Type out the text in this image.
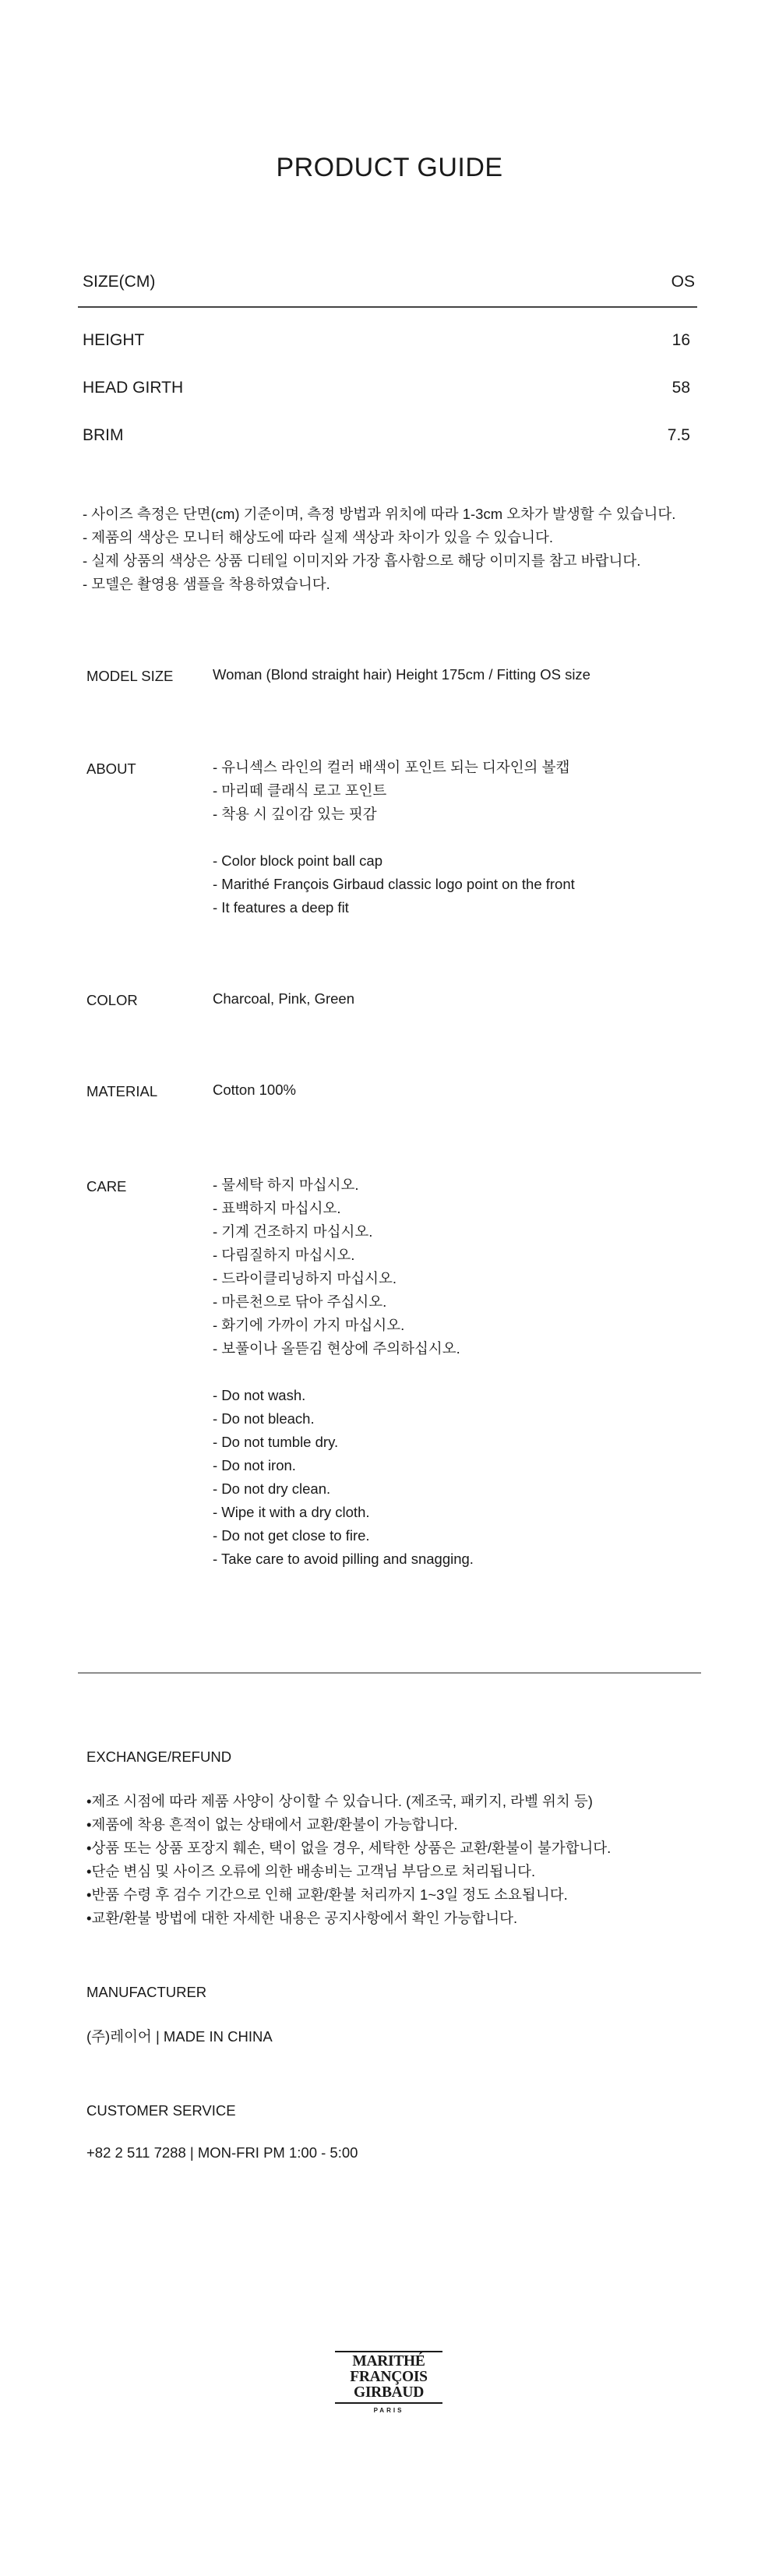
PRODUCT GUIDE
SIZE(CM)	OS
HEIGHT	16
HEAD GIRTH	58
BRIM	7.5
- 사이즈 측정은 단면(cm) 기준이며, 측정 방법과 위치에 따라 1-3cm 오차가 발생할 수 있습니다.
- 제품의 색상은 모니터 해상도에 따라 실제 색상과 차이가 있을 수 있습니다.
- 실제 상품의 색상은 상품 디테일 이미지와 가장 흡사함으로 해당 이미지를 참고 바랍니다.
- 모델은 촬영용 샘플을 착용하였습니다.
MODEL SIZE	Woman (Blond straight hair) Height 175cm / Fitting OS size
ABOUT	- 유니섹스 라인의 컬러 배색이 포인트 되는 디자인의 볼캡
- 마리떼 클래식 로고 포인트
- 착용 시 깊이감 있는 핏감
- Color block point ball cap
- Marithé François Girbaud classic logo point on the front
- It features a deep fit
COLOR	Charcoal, Pink, Green
MATERIAL	Cotton 100%
CARE	- 물세탁 하지 마십시오.
- 표백하지 마십시오.
- 기계 건조하지 마십시오.
- 다림질하지 마십시오.
- 드라이클리닝하지 마십시오.
- 마른천으로 닦아 주십시오.
- 화기에 가까이 가지 마십시오.
- 보풀이나 올뜯김 현상에 주의하십시오.
- Do not wash.
- Do not bleach.
- Do not tumble dry.
- Do not iron.
- Do not dry clean.
- Wipe it with a dry cloth.
- Do not get close to fire.
- Take care to avoid pilling and snagging.
EXCHANGE/REFUND
•제조 시점에 따라 제품 사양이 상이할 수 있습니다. (제조국, 패키지, 라벨 위치 등)
•제품에 착용 흔적이 없는 상태에서 교환/환불이 가능합니다.
•상품 또는 상품 포장지 훼손, 택이 없을 경우, 세탁한 상품은 교환/환불이 불가합니다.
•단순 변심 및 사이즈 오류에 의한 배송비는 고객님 부담으로 처리됩니다.
•반품 수령 후 검수 기간으로 인해 교환/환불 처리까지 1~3일 정도 소요됩니다.
•교환/환불 방법에 대한 자세한 내용은 공지사항에서 확인 가능합니다.
MANUFACTURER
(주)레이어 | MADE IN CHINA
CUSTOMER SERVICE
+82 2 511 7288 | MON-FRI PM 1:00 - 5:00
MARITHÉ
FRANÇOIS
GIRBAUD
PARIS
